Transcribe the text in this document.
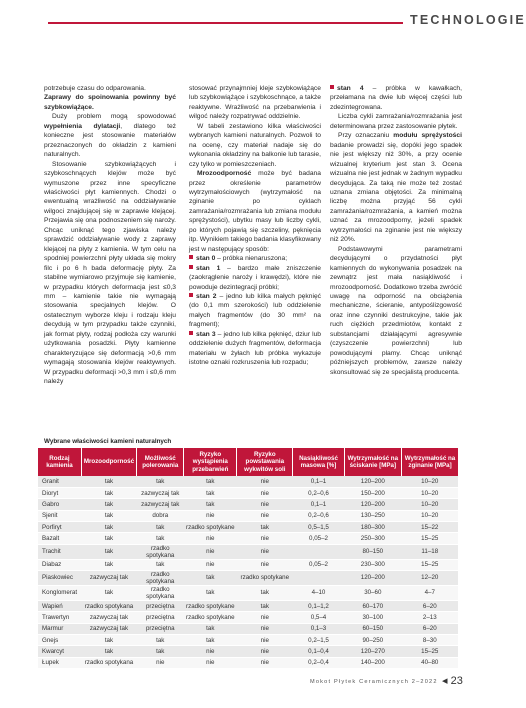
TECHNOLOGIE

potrzebuje czasu do odparowania.

Zaprawy do spoinowania powinny być szybkowiążące.

Duży problem mogą spowodować wypełnienia dylatacji, dlatego też konieczne jest stosowanie materiałów przeznaczonych do okładzin z kamieni naturalnych.

Stosowanie szybkowiążących i szybkoschnących klejów może być wymuszone przez inne specyficzne właściwości płyt kamiennych. Chodzi o ewentualną wrażliwość na oddziaływanie wilgoci znajdującej się w zaprawie klejącej. Przejawia się ona podnoszeniem się naroży. Chcąc uniknąć tego zjawiska należy sprawdzić oddziaływanie wody z zaprawy klejącej na płyty z kamienia. W tym celu na spodniej powierzchni płyty układa się mokry filc i po 6 h bada deformację płyty. Za stabilne wymiarowo przyjmuje się kamienie, w przypadku których deformacja jest ≤0,3 mm – kamienie takie nie wymagają stosowania specjalnych klejów. O ostatecznym wyborze kleju i rodzaju kleju decydują w tym przypadku także czynniki, jak format płyty, rodzaj podłoża czy warunki użytkowania posadzki. Płyty kamienne charakteryzujące się deformacją >0,6 mm wymagają stosowania klejów reaktywnych. W przypadku deformacji >0,3 mm i ≤0,6 mm należy

stosować przynajmniej kleje szybkowiążące lub szybkowiążące i szybkoschnące, a także reaktywne. Wrażliwość na przebarwienia i wilgoć należy rozpatrywać oddzielnie.

W tabeli zestawiono kilka właściwości wybranych kamieni naturalnych. Pozwoli to na ocenę, czy materiał nadaje się do wykonania okładziny na balkonie lub tarasie, czy tylko w pomieszczeniach.

Mrozoodporność może być badana przez określenie parametrów wytrzymałościowych (wytrzymałość na zginanie po cyklach zamrażania/rozmrażania lub zmiana modułu sprężystości), ubytku masy lub liczby cykli, po których pojawią się szczeliny, pęknięcia itp. Wynikiem takiego badania klasyfikowany jest w następujący sposób:

stan 0 – próbka nienaruszona;

stan 1 – bardzo małe zniszczenie (zaokrąglenie naroży i krawędzi), które nie powoduje dezintegracji próbki;

stan 2 – jedno lub kilka małych pęknięć (do 0,1 mm szerokości) lub oddzielenie małych fragmentów (do 30 mm² na fragment);

stan 3 – jedno lub kilka pęknięć, dziur lub oddzielenie dużych fragmentów, deformacja materiału w żyłach lub próbka wykazuje istotne oznaki rozkruszenia lub rozpadu;

stan 4 – próbka w kawałkach, przełamana na dwie lub więcej części lub zdezintegrowana.

Liczba cykli zamrażania/rozmrażania jest determinowana przez zastosowanie płytek.

Przy oznaczaniu modułu sprężystości badanie prowadzi się, dopóki jego spadek nie jest większy niż 30%, a przy ocenie wizualnej kryterium jest stan 3. Ocena wizualna nie jest jednak w żadnym wypadku decydująca. Za taką nie może też zostać uznana zmiana objętości. Za minimalną liczbę można przyjąć 56 cykli zamrażania/rozmrażania, a kamień można uznać za mrozoodporny, jeżeli spadek wytrzymałości na zginanie jest nie większy niż 20%.

Podstawowymi parametrami decydującymi o przydatności płyt kamiennych do wykonywania posadzek na zewnątrz jest mała nasiąkliwość i mrozoodporność. Dodatkowo trzeba zwrócić uwagę na odporność na obciążenia mechaniczne, ścieranie, antypoślizgowość oraz inne czynniki destrukcyjne, takie jak ruch ciężkich przedmiotów, kontakt z substancjami działającymi agresywnie (czyszczenie powierzchni) lub powodującymi plamy. Chcąc uniknąć późniejszych problemów, zawsze należy skonsultować się ze specjalistą producenta.

Wybrane właściwości kamieni naturalnych
Rodzaj kamienia	Mrozoodporność	Możliwość polerowania	Ryzyko wystąpienia przebarwień	Ryzyko powstawania wykwitów soli	Nasiąkliwość masowa [%]	Wytrzymałość na ściskanie [MPa]	Wytrzymałość na zginanie [MPa]
Granit	tak	tak	tak	nie	0,1–1	120–200	10–20
Dioryt	tak	zazwyczaj tak	tak	nie	0,2–0,6	150–200	10–20
Gabro	tak	zazwyczaj tak	tak	nie	0,1–1	120–200	10–20
Sjenit	tak	dobra	nie	nie	0,2–0,6	130–250	10–20
Porfiryt	tak	tak	rzadko spotykane	tak	0,5–1,5	180–300	15–22
Bazalt	tak	tak	nie	nie	0,05–2	250–300	15–25
Trachit	tak	rzadko spotykana	nie	nie		80–150	11–18
Diabaz	tak	tak	nie	nie	0,05–2	230–300	15–25
Piaskowiec	zazwyczaj tak	rzadko spotykana	tak	rzadko spotykane		120–200	12–20
Konglomerat	tak	rzadko spotykana	tak	tak	4–10	30–60	4–7
Wapień	rzadko spotykana	przeciętna	rzadko spotykane	tak	0,1–1,2	60–170	6–20
Trawertyn	zazwyczaj tak	przeciętna	rzadko spotykane	nie	0,5–4	30–100	2–13
Marmur	zazwyczaj tak	przeciętna	tak	nie	0,1–3	60–150	6–20
Gnejs	tak	tak	tak	nie	0,2–1,5	90–250	8–30
Kwarcyt	tak	tak	nie	nie	0,1–0,4	120–270	15–25
Łupek	rzadko spotykana	nie	nie	nie	0,2–0,4	140–200	40–80
Mokot Płytek Ceramicznych 2–2022 ◂ 23
